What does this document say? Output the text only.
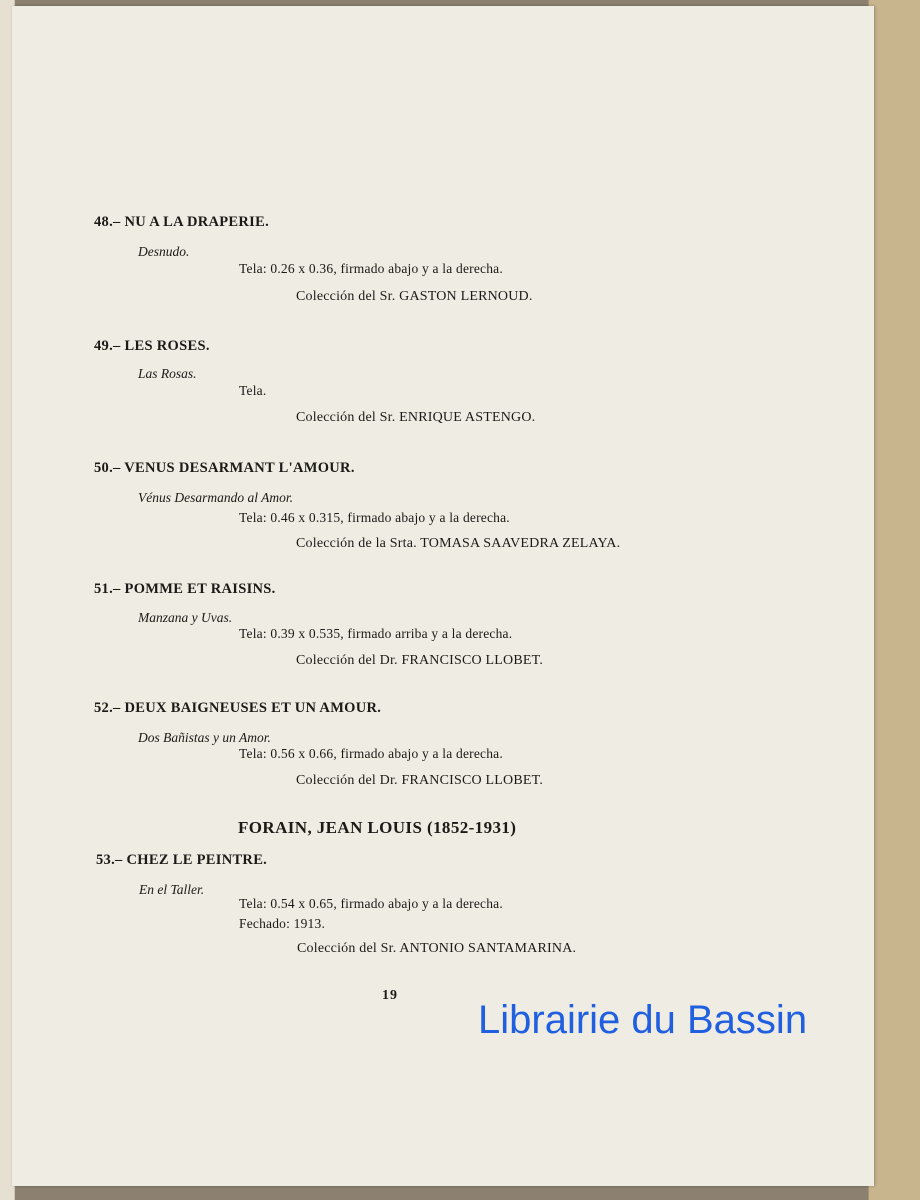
48.– NU A LA DRAPERIE.
Desnudo.
Tela: 0.26 x 0.36, firmado abajo y a la derecha.
Colección del Sr. GASTON LERNOUD.
49.– LES ROSES.
Las Rosas.
Tela.
Colección del Sr. ENRIQUE ASTENGO.
50.– VENUS DESARMANT L'AMOUR.
Vénus Desarmando al Amor.
Tela: 0.46 x 0.315, firmado abajo y a la derecha.
Colección de la Srta. TOMASA SAAVEDRA ZELAYA.
51.– POMME ET RAISINS.
Manzana y Uvas.
Tela: 0.39 x 0.535, firmado arriba y a la derecha.
Colección del Dr. FRANCISCO LLOBET.
52.– DEUX BAIGNEUSES ET UN AMOUR.
Dos Bañistas y un Amor.
Tela: 0.56 x 0.66, firmado abajo y a la derecha.
Colección del Dr. FRANCISCO LLOBET.
FORAIN, JEAN LOUIS (1852-1931)
53.– CHEZ LE PEINTRE.
En el Taller.
Tela: 0.54 x 0.65, firmado abajo y a la derecha.
Fechado: 1913.
Colección del Sr. ANTONIO SANTAMARINA.
19
Librairie du Bassin
